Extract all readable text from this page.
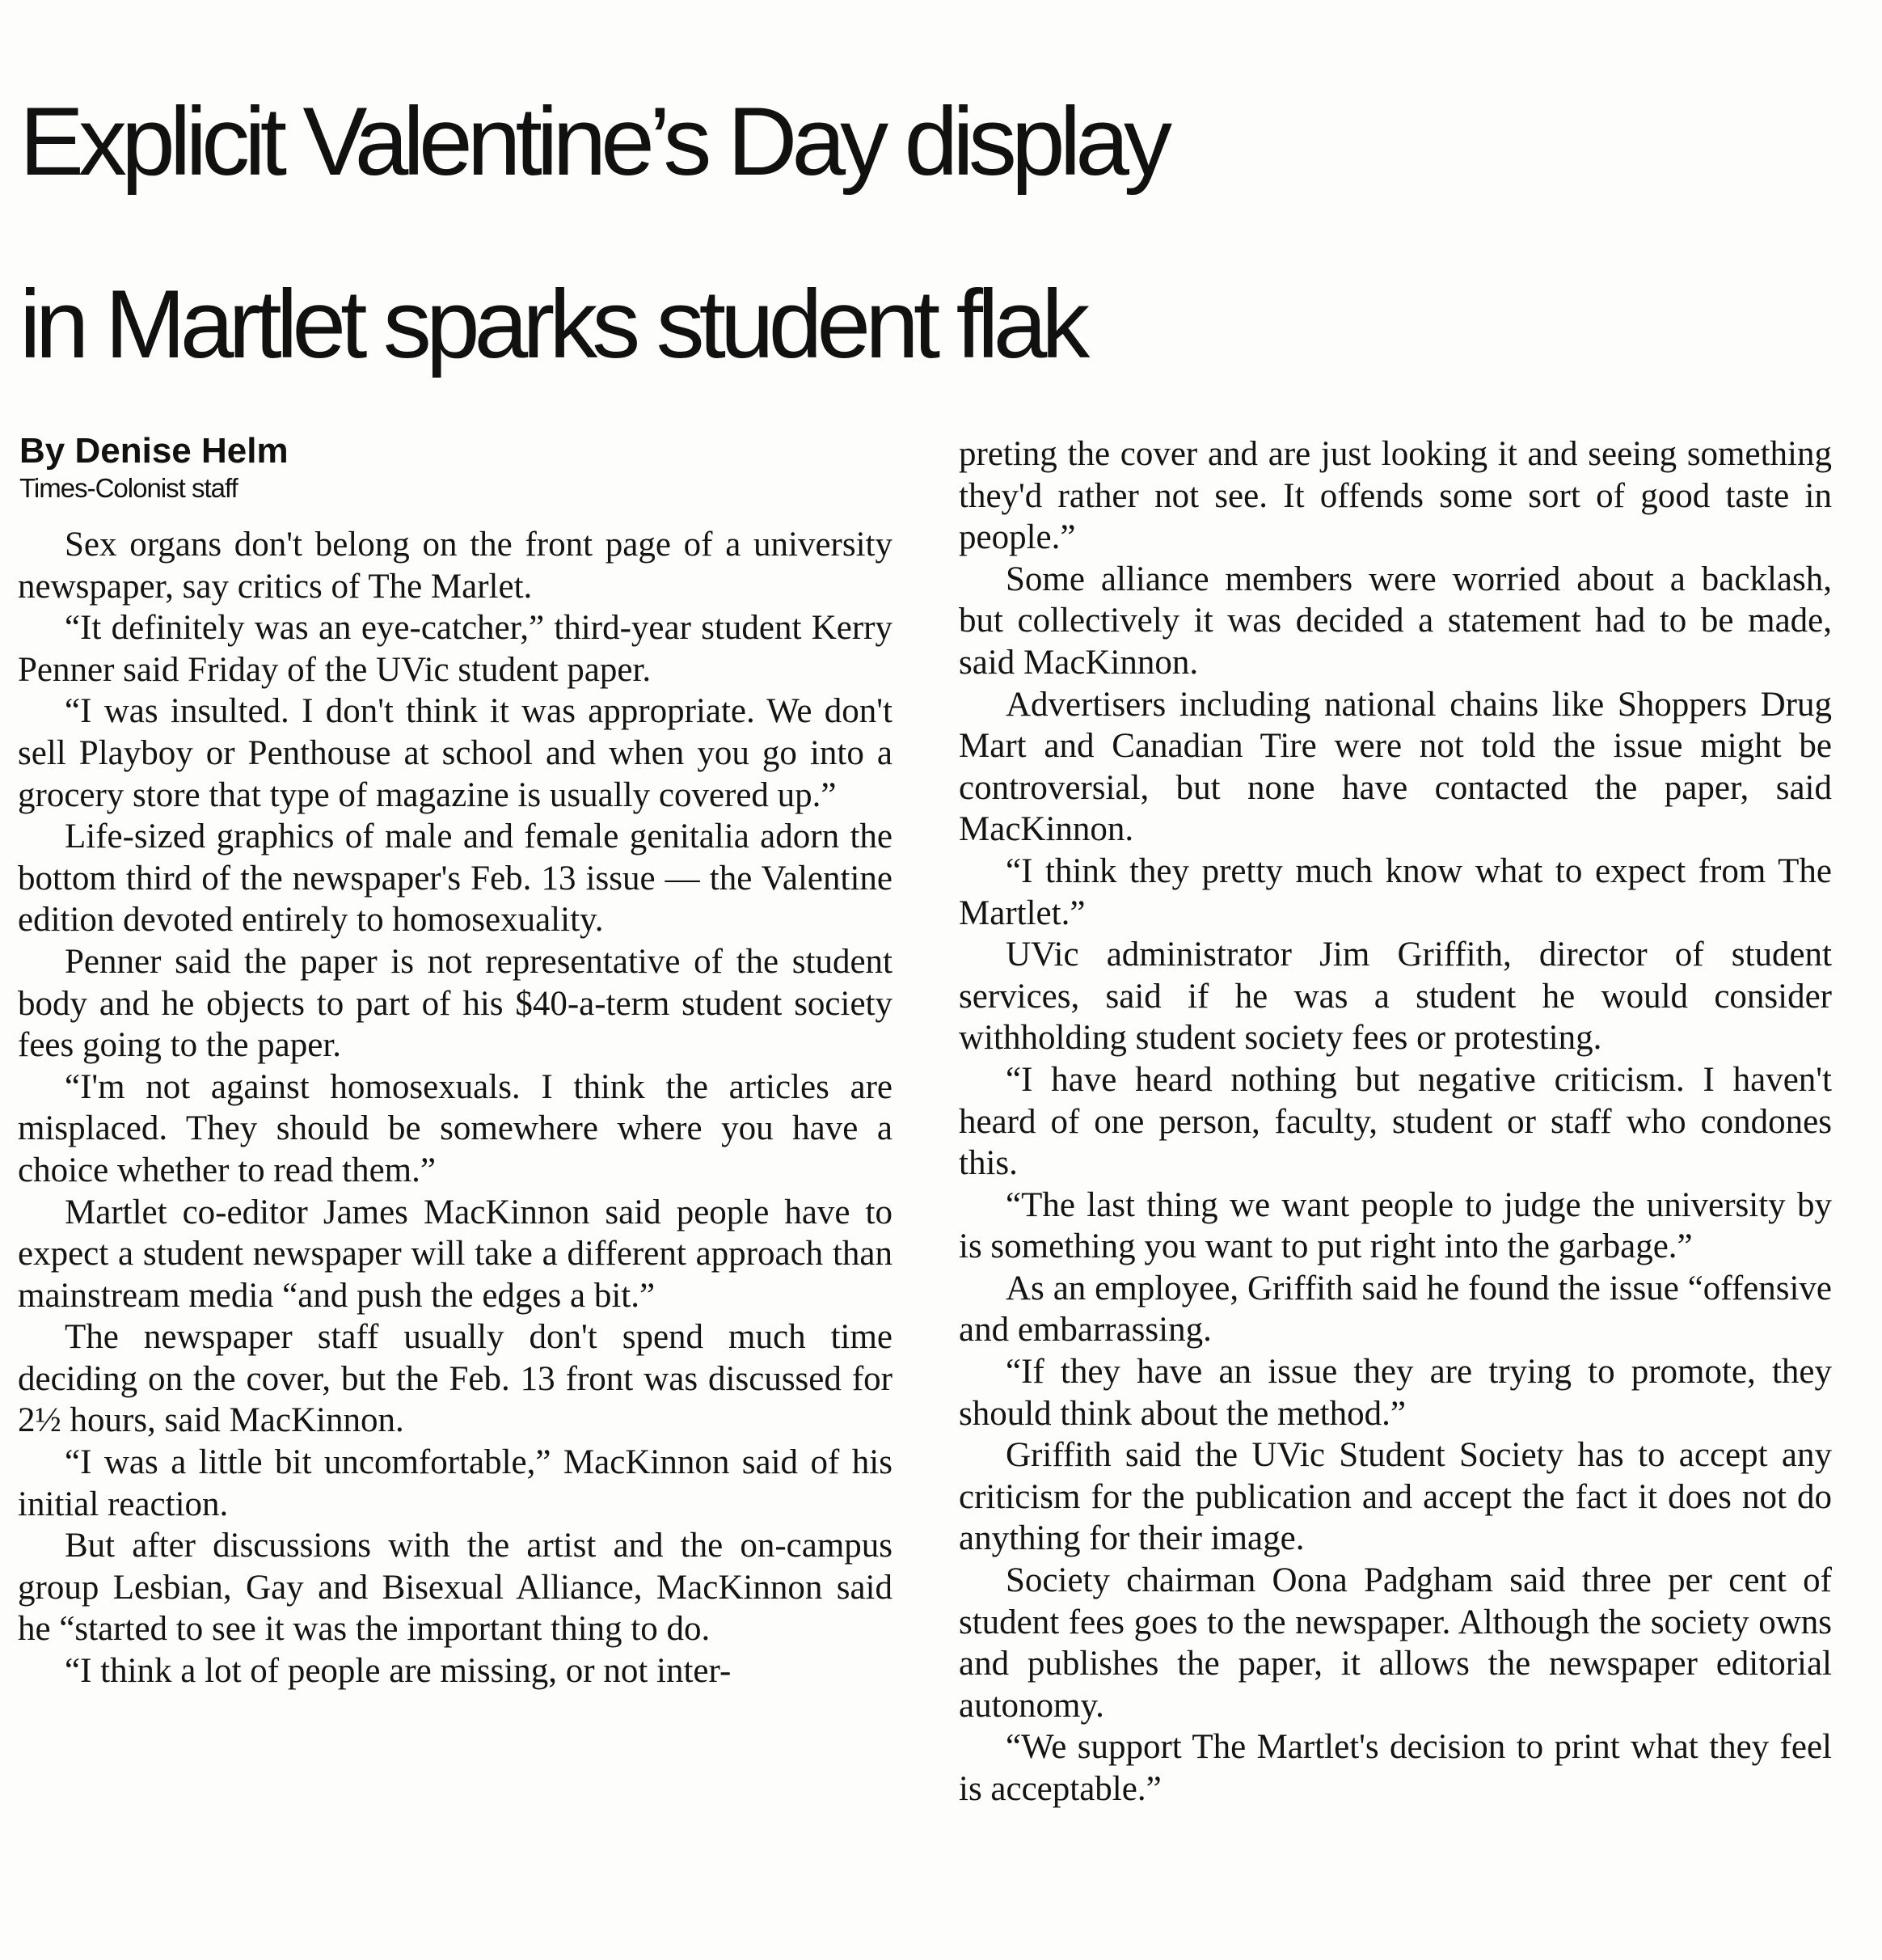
Explicit Valentine’s Day display
in Martlet sparks student flak
By Denise Helm
Times-Colonist staff

Sex organs don't belong on the front page of a university newspaper, say critics of The Marlet.

“It definitely was an eye-catcher,” third-year student Kerry Penner said Friday of the UVic student paper.

“I was insulted. I don't think it was appropriate. We don't sell Playboy or Penthouse at school and when you go into a grocery store that type of magazine is usually covered up.”

Life-sized graphics of male and female genitalia adorn the bottom third of the newspaper's Feb. 13 issue — the Valentine edition devoted entirely to homosexuality.

Penner said the paper is not representative of the student body and he objects to part of his $40-a-term student society fees going to the paper.

“I'm not against homosexuals. I think the articles are misplaced. They should be somewhere where you have a choice whether to read them.”

Martlet co-editor James MacKinnon said people have to expect a student newspaper will take a different approach than mainstream media “and push the edges a bit.”

The newspaper staff usually don't spend much time deciding on the cover, but the Feb. 13 front was discussed for 2½ hours, said MacKinnon.

“I was a little bit uncomfortable,” MacKinnon said of his initial reaction.

But after discussions with the artist and the on-campus group Lesbian, Gay and Bisexual Alliance, MacKinnon said he “started to see it was the important thing to do.

“I think a lot of people are missing, or not inter-

preting the cover and are just looking it and seeing something they'd rather not see. It offends some sort of good taste in people.”

Some alliance members were worried about a backlash, but collectively it was decided a statement had to be made, said MacKinnon.

Advertisers including national chains like Shoppers Drug Mart and Canadian Tire were not told the issue might be controversial, but none have contacted the paper, said MacKinnon.

“I think they pretty much know what to expect from The Martlet.”

UVic administrator Jim Griffith, director of student services, said if he was a student he would consider withholding student society fees or protesting.

“I have heard nothing but negative criticism. I haven't heard of one person, faculty, student or staff who condones this.

“The last thing we want people to judge the university by is something you want to put right into the garbage.”

As an employee, Griffith said he found the issue “offensive and embarrassing.

“If they have an issue they are trying to promote, they should think about the method.”

Griffith said the UVic Student Society has to accept any criticism for the publication and accept the fact it does not do anything for their image.

Society chairman Oona Padgham said three per cent of student fees goes to the newspaper. Although the society owns and publishes the paper, it allows the newspaper editorial autonomy.

“We support The Martlet's decision to print what they feel is acceptable.”
